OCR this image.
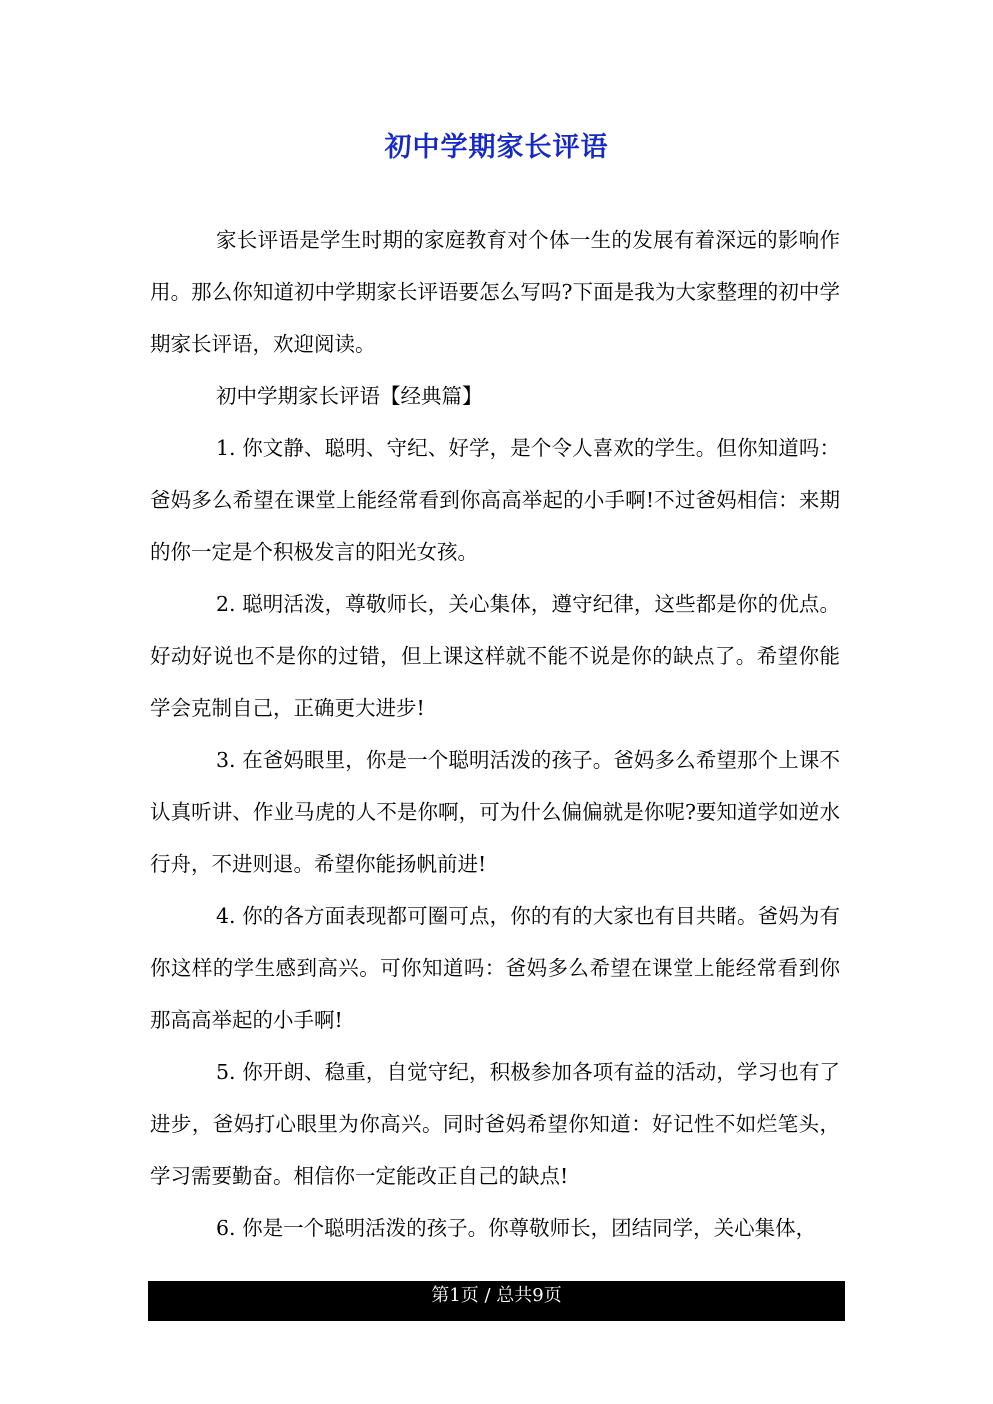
初中学期家长评语

家长评语是学生时期的家庭教育对个体一生的发展有着深远的影响作用。那么你知道初中学期家长评语要怎么写吗?下面是我为大家整理的初中学期家长评语，欢迎阅读。

初中学期家长评语【经典篇】

1. 你文静、聪明、守纪、好学，是个令人喜欢的学生。但你知道吗：爸妈多么希望在课堂上能经常看到你高高举起的小手啊!不过爸妈相信：来期的你一定是个积极发言的阳光女孩。

2. 聪明活泼，尊敬师长，关心集体，遵守纪律，这些都是你的优点。好动好说也不是你的过错，但上课这样就不能不说是你的缺点了。希望你能学会克制自己，正确更大进步!

3. 在爸妈眼里，你是一个聪明活泼的孩子。爸妈多么希望那个上课不认真听讲、作业马虎的人不是你啊，可为什么偏偏就是你呢?要知道学如逆水行舟，不进则退。希望你能扬帆前进!

4. 你的各方面表现都可圈可点，你的有的大家也有目共睹。爸妈为有你这样的学生感到高兴。可你知道吗：爸妈多么希望在课堂上能经常看到你那高高举起的小手啊!

5. 你开朗、稳重，自觉守纪，积极参加各项有益的活动，学习也有了进步，爸妈打心眼里为你高兴。同时爸妈希望你知道：好记性不如烂笔头，学习需要勤奋。相信你一定能改正自己的缺点!

6. 你是一个聪明活泼的孩子。你尊敬师长，团结同学，关心集体，

第1页 / 总共9页
